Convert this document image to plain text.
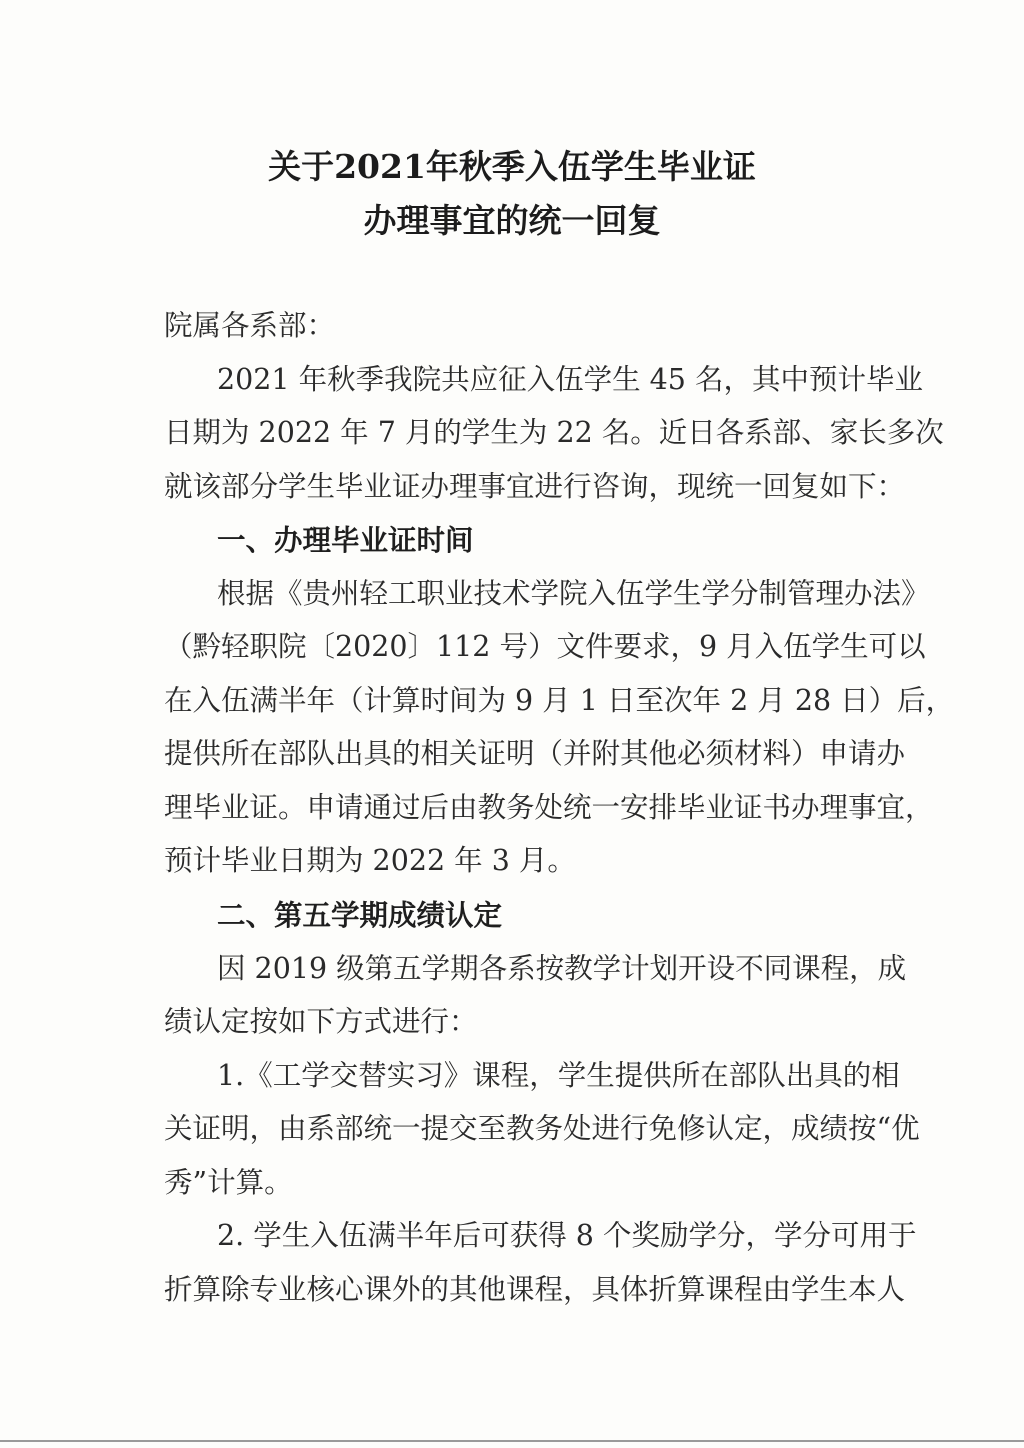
关于2021年秋季入伍学生毕业证
办理事宜的统一回复
院属各系部：
2021 年秋季我院共应征入伍学生 45 名，其中预计毕业
日期为 2022 年 7 月的学生为 22 名。近日各系部、家长多次
就该部分学生毕业证办理事宜进行咨询，现统一回复如下：
一、办理毕业证时间
根据《贵州轻工职业技术学院入伍学生学分制管理办法》
（黔轻职院〔2020〕112 号）文件要求，9 月入伍学生可以
在入伍满半年（计算时间为 9 月 1 日至次年 2 月 28 日）后，
提供所在部队出具的相关证明（并附其他必须材料）申请办
理毕业证。申请通过后由教务处统一安排毕业证书办理事宜，
预计毕业日期为 2022 年 3 月。
二、第五学期成绩认定
因 2019 级第五学期各系按教学计划开设不同课程，成
绩认定按如下方式进行：
1.《工学交替实习》课程，学生提供所在部队出具的相
关证明，由系部统一提交至教务处进行免修认定，成绩按“优
秀”计算。
2. 学生入伍满半年后可获得 8 个奖励学分，学分可用于
折算除专业核心课外的其他课程，具体折算课程由学生本人
